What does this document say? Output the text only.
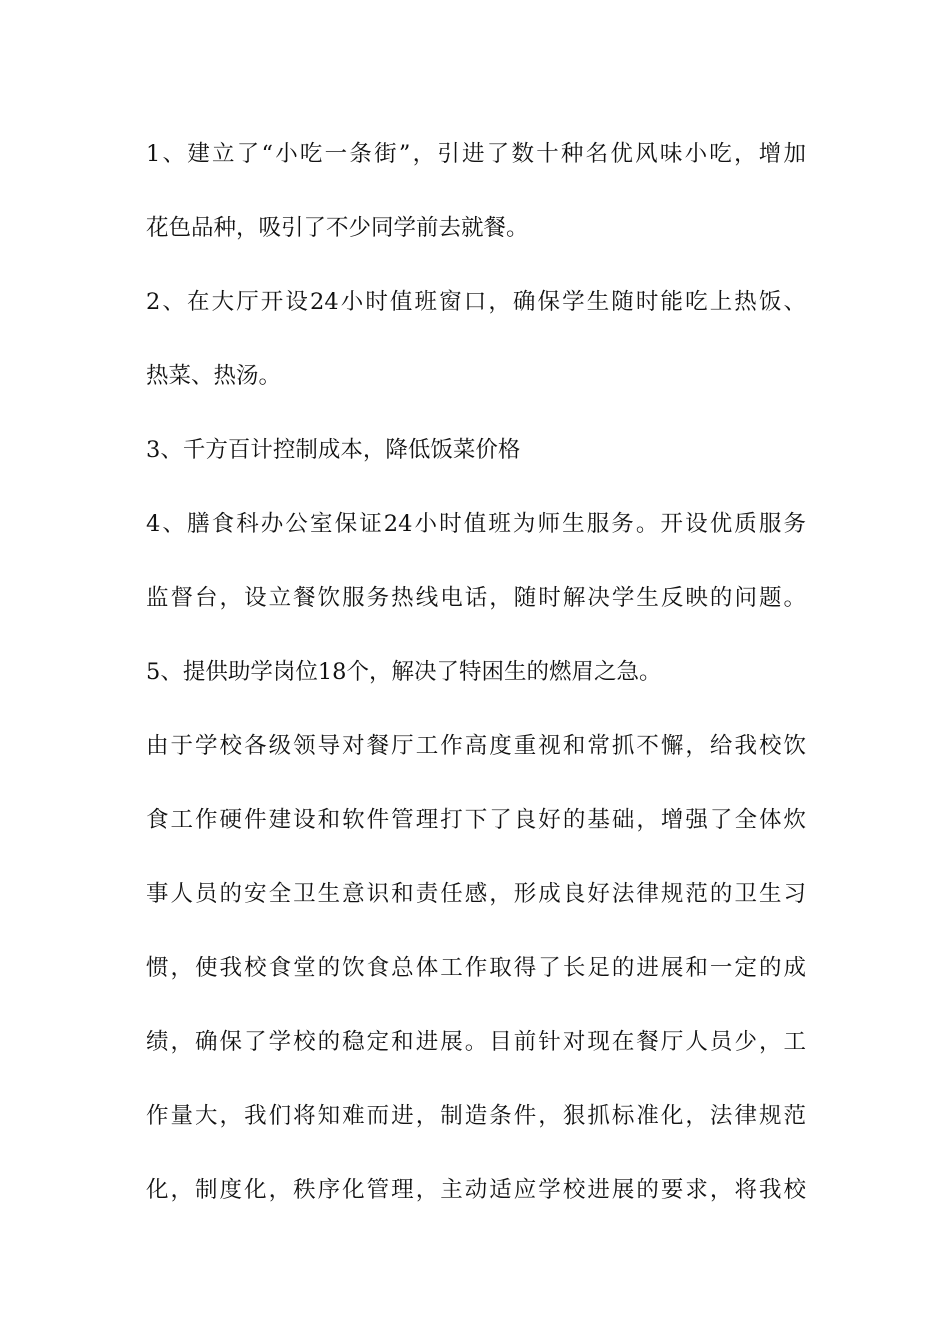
1、建立了“小吃一条街”，引进了数十种名优风味小吃，增加
花色品种，吸引了不少同学前去就餐。
2、在大厅开设24小时值班窗口，确保学生随时能吃上热饭、
热菜、热汤。
3、千方百计控制成本，降低饭菜价格
4、膳食科办公室保证24小时值班为师生服务。开设优质服务
监督台，设立餐饮服务热线电话，随时解决学生反映的问题。
5、提供助学岗位18个，解决了特困生的燃眉之急。
由于学校各级领导对餐厅工作高度重视和常抓不懈，给我校饮
食工作硬件建设和软件管理打下了良好的基础，增强了全体炊
事人员的安全卫生意识和责任感，形成良好法律规范的卫生习
惯，使我校食堂的饮食总体工作取得了长足的进展和一定的成
绩，确保了学校的稳定和进展。目前针对现在餐厅人员少，工
作量大，我们将知难而进，制造条件，狠抓标准化，法律规范
化，制度化，秩序化管理，主动适应学校进展的要求，将我校
